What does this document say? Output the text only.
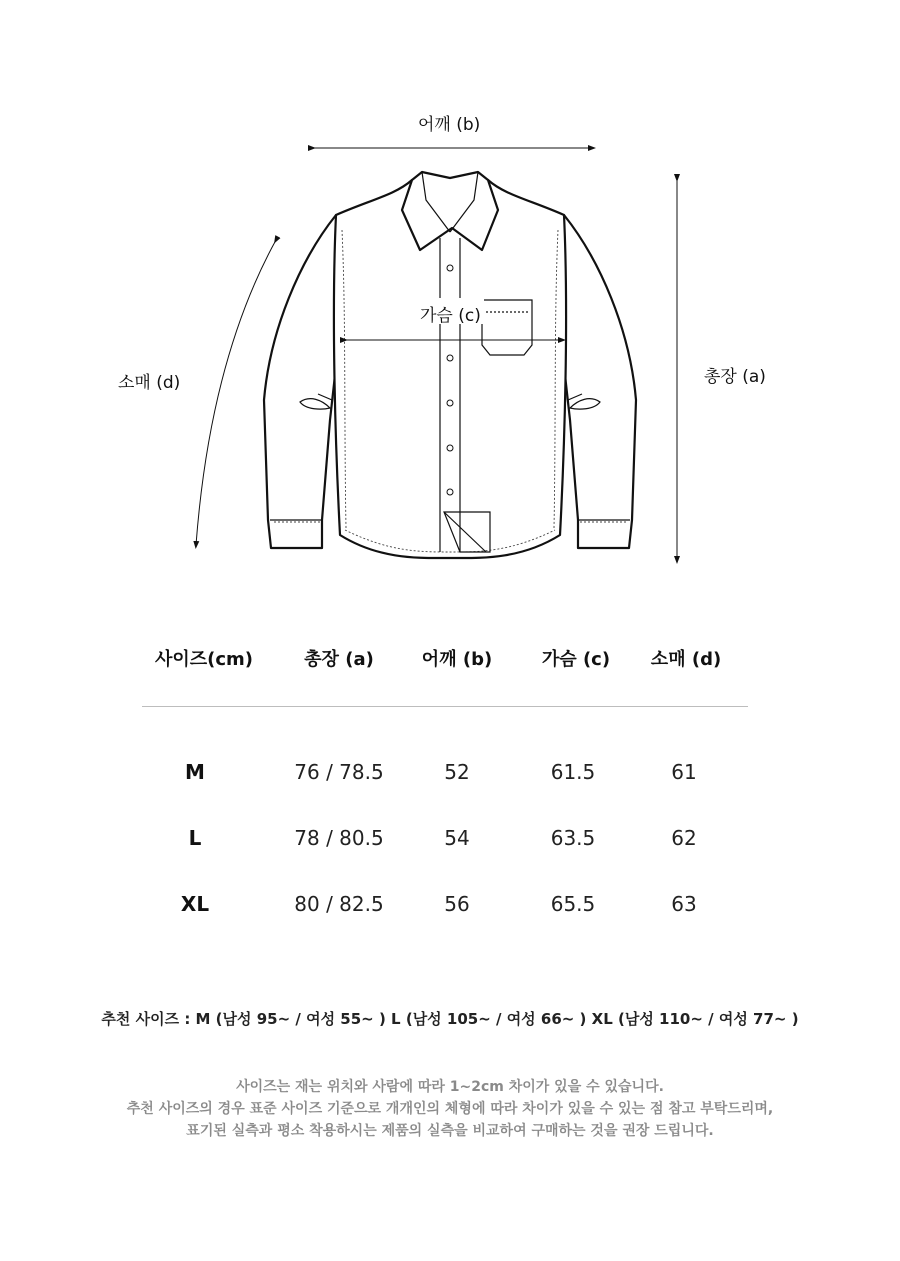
어깨 (b)
가슴 (c)
소매 (d)	총장 (a)
사이즈(cm)	총장 (a)	어깨 (b)	가슴 (c) 소매 (d)
M	76 / 78.5	52	61.5	61
L	78 / 80.5	54	63.5	62
XL	80 / 82.5	56	65.5	63
추천 사이즈 : M (남성 95~ / 여성 55~ ) L (남성 105~ / 여성 66~ ) XL (남성 110~ / 여성 77~ )
사이즈는 재는 위치와 사람에 따라 1~2cm 차이가 있을 수 있습니다.
추천 사이즈의 경우 표준 사이즈 기준으로 개개인의 체형에 따라 차이가 있을 수 있는 점 참고 부탁드리며,
표기된 실측과 평소 착용하시는 제품의 실측을 비교하여 구매하는 것을 권장 드립니다.
